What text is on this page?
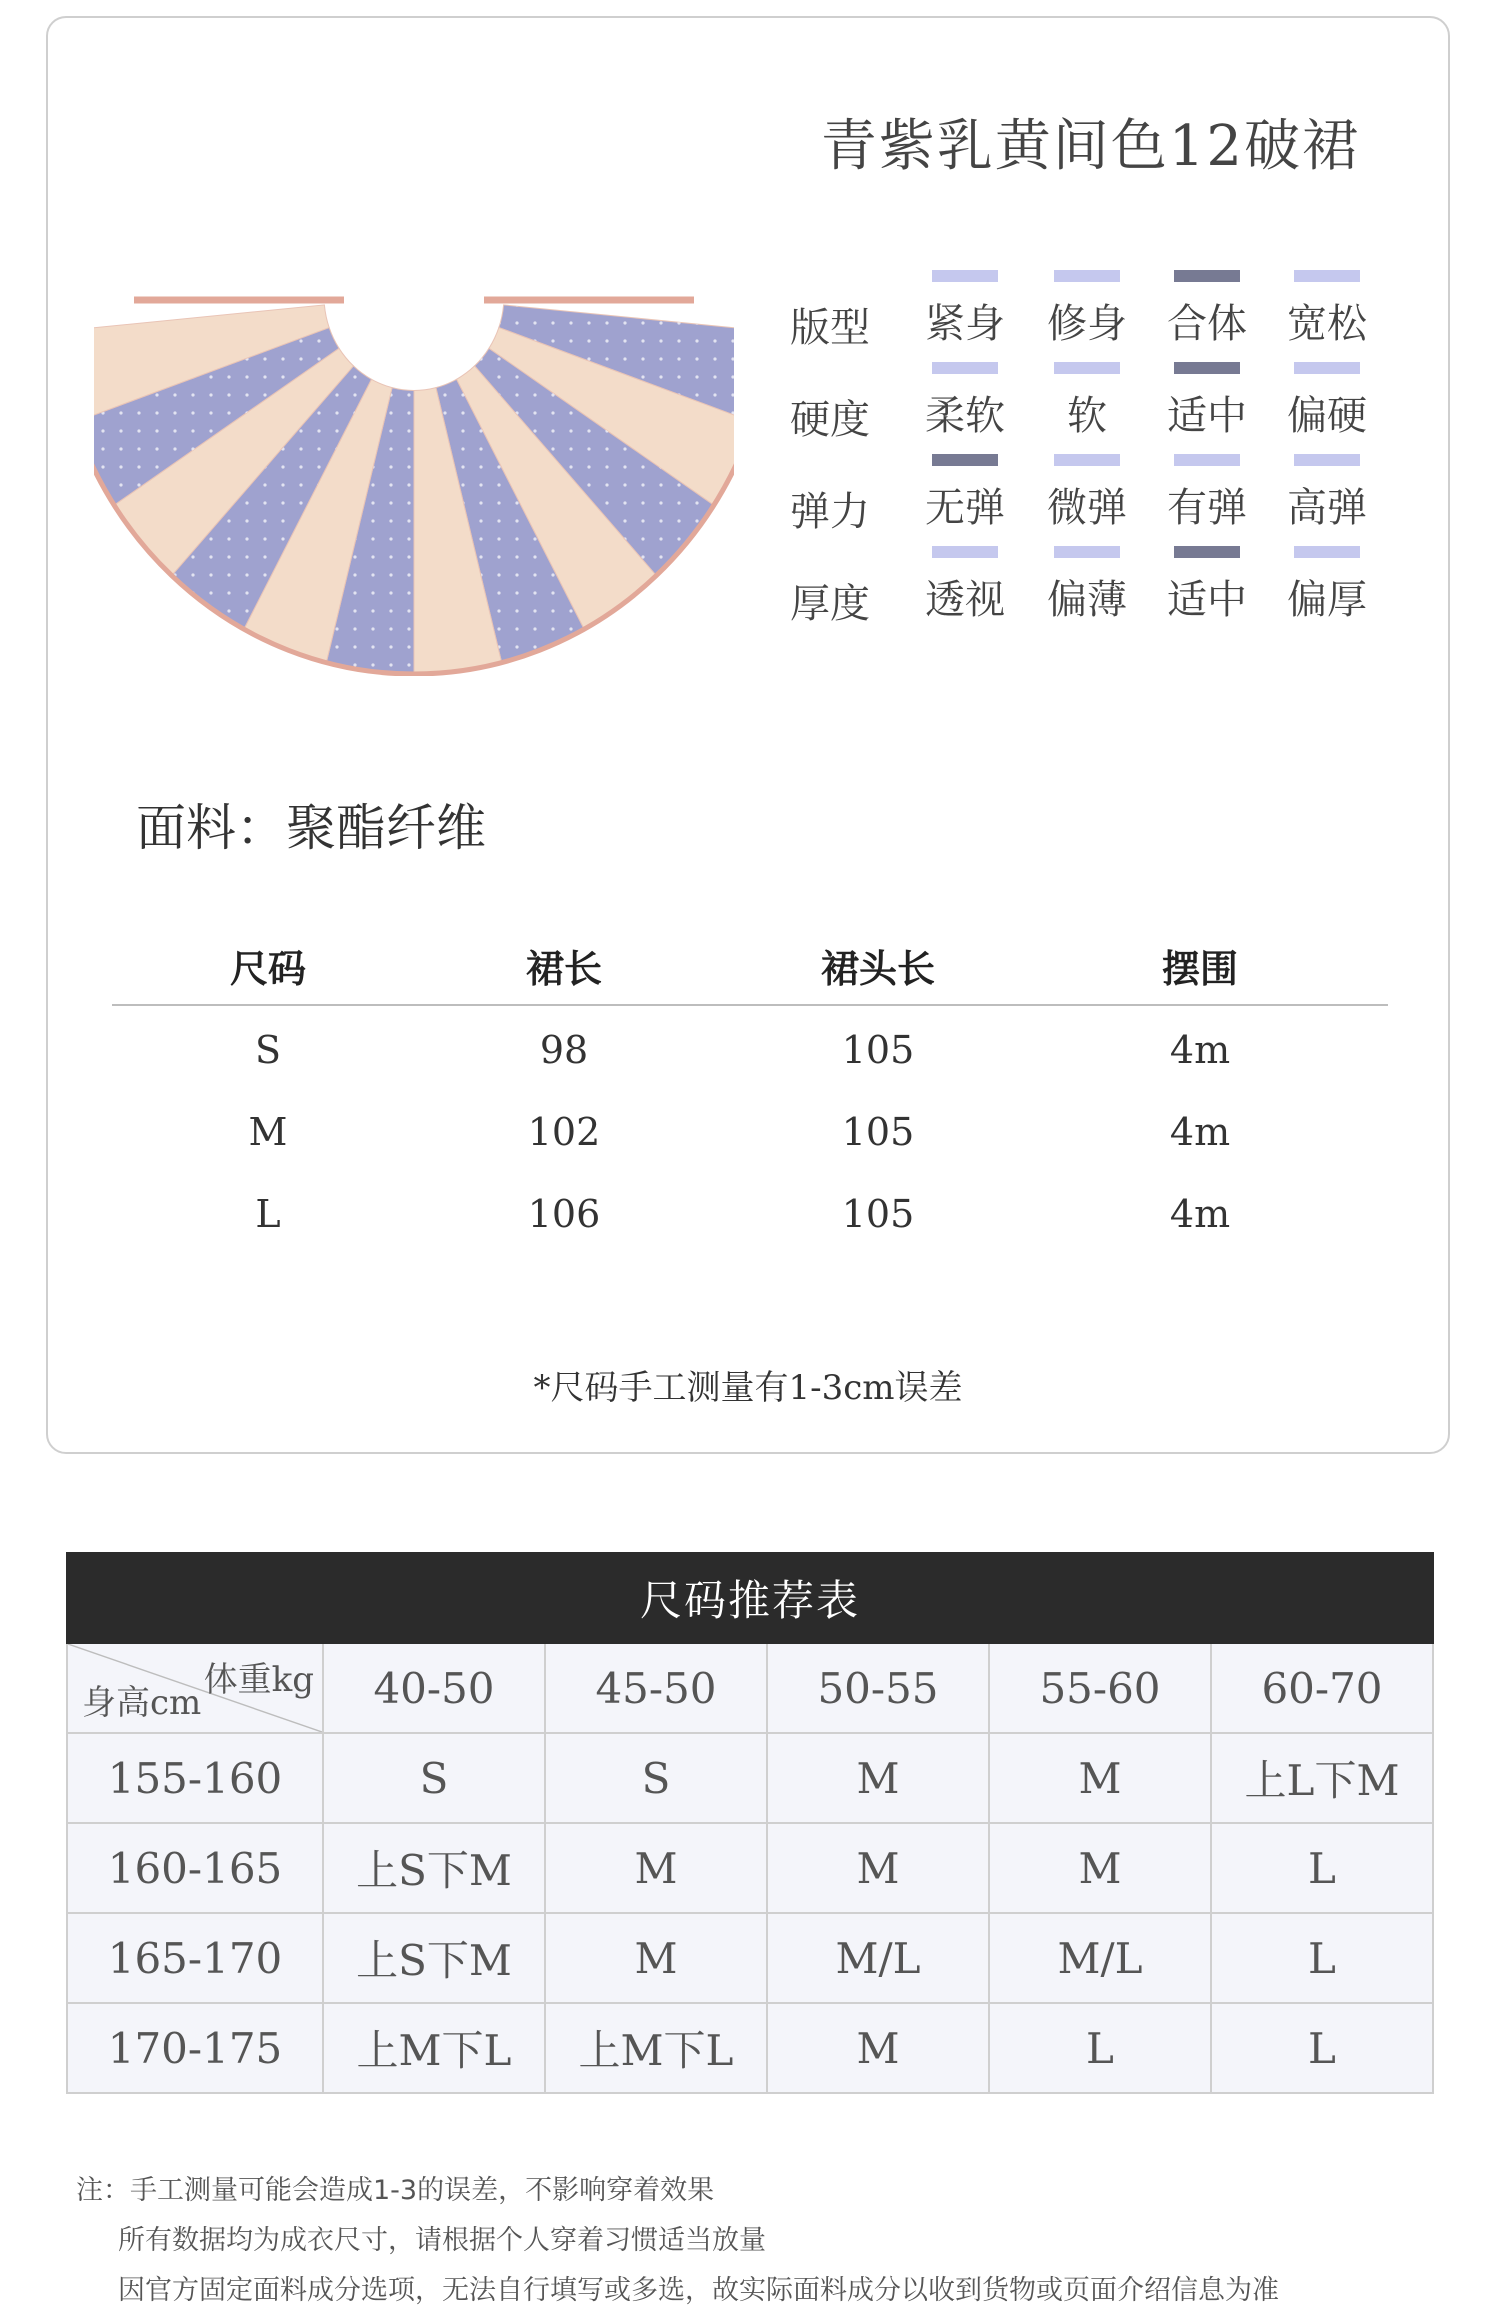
青紫乳黄间色12破裙
版型 紧身 修身 合体 宽松
硬度 柔软	软	适中 偏硬
弹力 无弹 微弹 有弹 高弹
厚度 透视 偏薄 适中 偏厚
面料：聚酯纤维
尺码	裙长	裙头长	摆围
S	98	105	4m
M	102	105	4m
L	106	105	4m
*尺码手工测量有1-3cm误差
尺码推荐表					

体重kg
身高cm	40-50	45-50	50-55	55-60	60-70
155-160	S	S	M	M	上L下M
160-165	上S下M	M	M	M	L
165-170	上S下M	M	M/L	M/L	L
170-175	上M下L	上M下L	M	L	L
注：手工测量可能会造成1-3的误差，不影响穿着效果
所有数据均为成衣尺寸，请根据个人穿着习惯适当放量
因官方固定面料成分选项，无法自行填写或多选，故实际面料成分以收到货物或页面介绍信息为准
